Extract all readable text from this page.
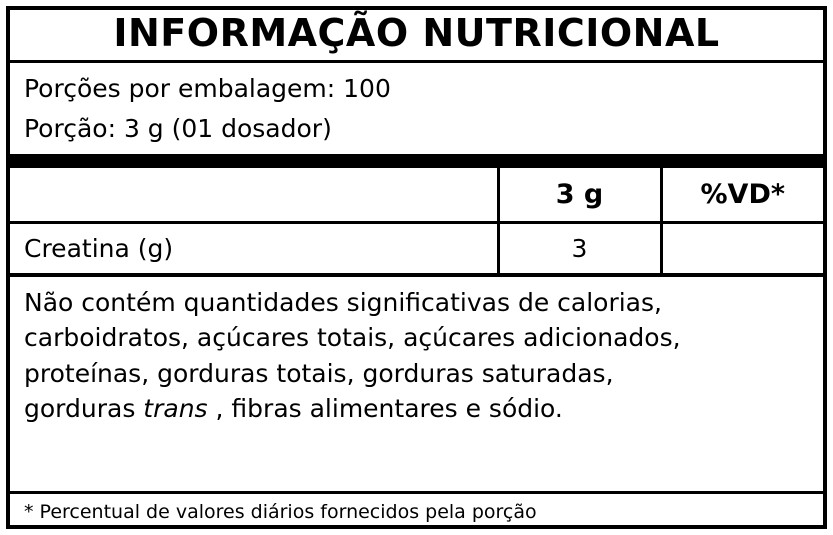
INFORMAÇÃO NUTRICIONAL
Porções por embalagem: 100
Porção: 3 g (01 dosador)

	3 g	%VD*

Creatina (g)	3	

Não contém quantidades significativas de calorias,
carboidratos, açúcares totais, açúcares adicionados,
proteínas, gorduras totais, gorduras saturadas,
gorduras trans , fibras alimentares e sódio.
* Percentual de valores diários fornecidos pela porção
